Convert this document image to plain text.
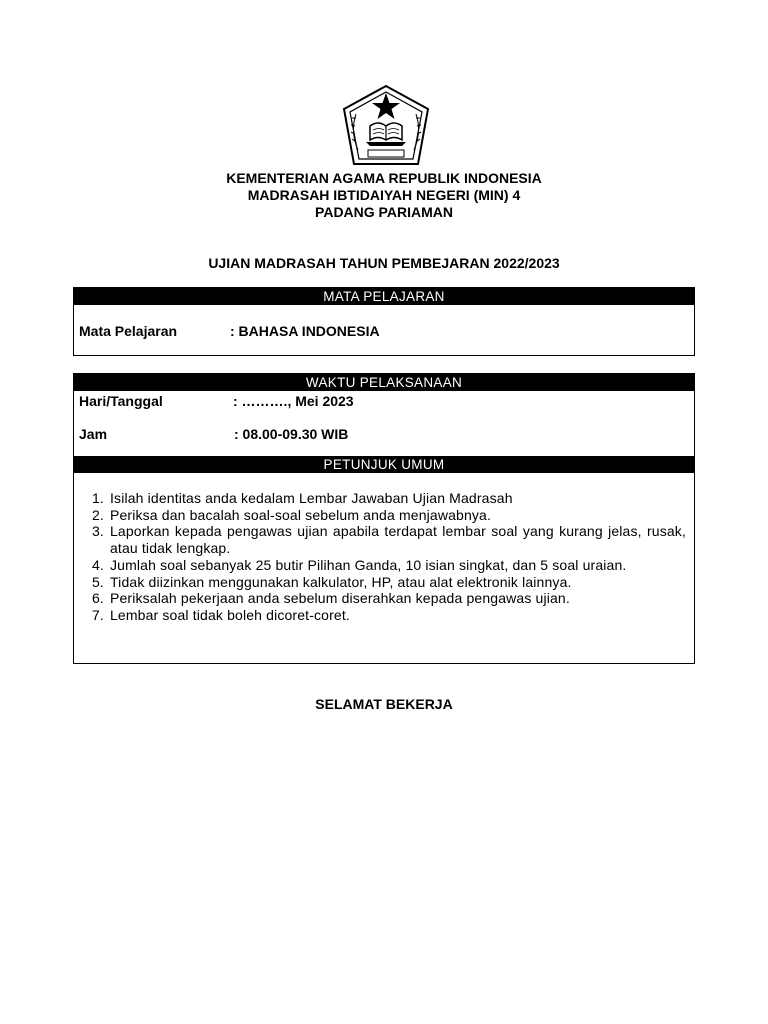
KEMENTERIAN AGAMA REPUBLIK INDONESIA
MADRASAH IBTIDAIYAH NEGERI (MIN) 4
PADANG PARIAMAN
UJIAN MADRASAH TAHUN PEMBEJARAN 2022/2023
MATA PELAJARAN
Mata Pelajaran	: BAHASA INDONESIA
WAKTU PELAKSANAAN
Hari/Tanggal	: ………., Mei 2023
Jam	: 08.00-09.30 WIB
PETUNJUK UMUM
1. Isilah identitas anda kedalam Lembar Jawaban Ujian Madrasah
2. Periksa dan bacalah soal-soal sebelum anda menjawabnya.
3. Laporkan kepada pengawas ujian apabila terdapat lembar soal yang kurang jelas, rusak, atau tidak lengkap.
4. Jumlah soal sebanyak 25 butir Pilihan Ganda, 10 isian singkat, dan 5 soal uraian.
5. Tidak diizinkan menggunakan kalkulator, HP, atau alat elektronik lainnya.
6. Periksalah pekerjaan anda sebelum diserahkan kepada pengawas ujian.
7. Lembar soal tidak boleh dicoret-coret.
SELAMAT BEKERJA
